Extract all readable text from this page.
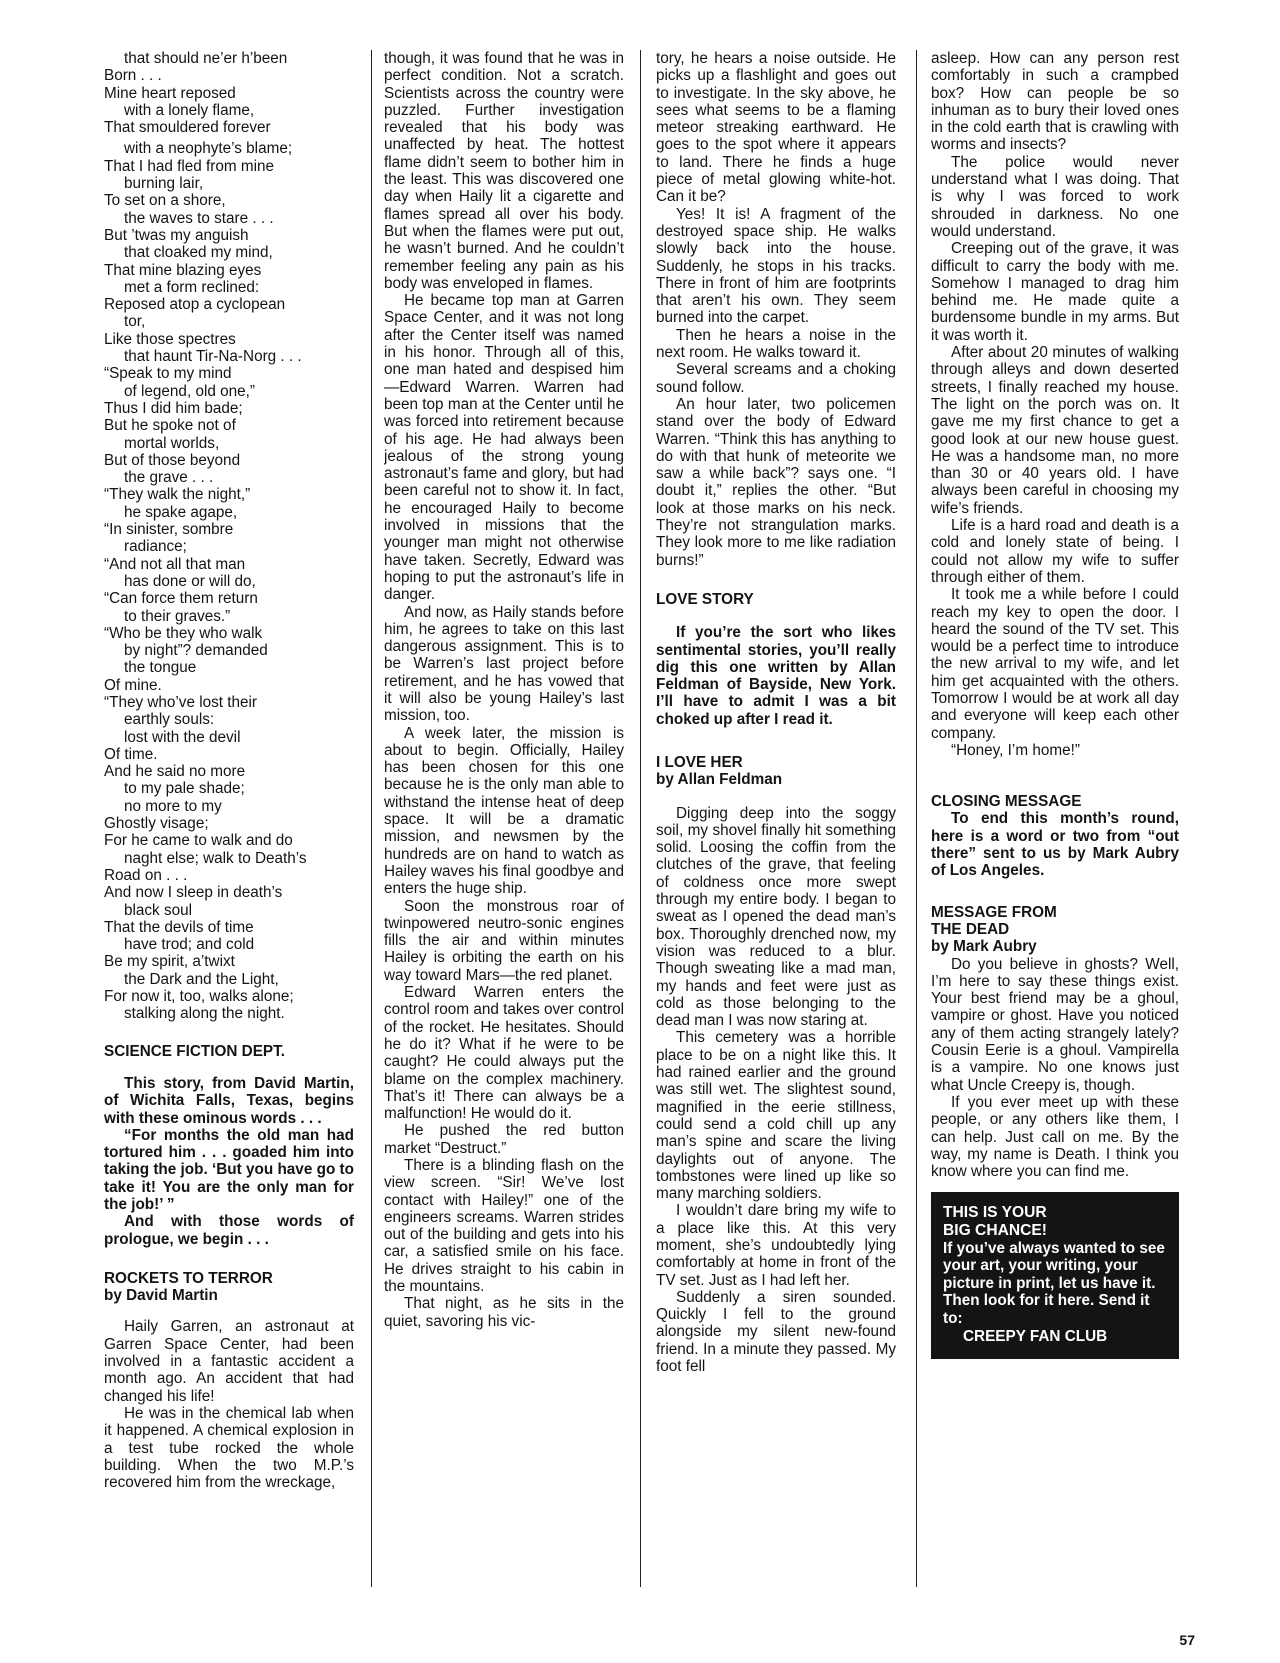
that should ne’er h’been

Born . . .

Mine heart reposed

with a lonely flame,

That smouldered forever

with a neophyte’s blame;

That I had fled from mine

burning lair,

To set on a shore,

the waves to stare . . .

But ’twas my anguish

that cloaked my mind,

That mine blazing eyes

met a form reclined:

Reposed atop a cyclopean

tor,

Like those spectres

that haunt Tir-Na-Norg . . .

“Speak to my mind

of legend, old one,”

Thus I did him bade;

But he spoke not of

mortal worlds,

But of those beyond

the grave . . .

“They walk the night,”

he spake agape,

“In sinister, sombre

radiance;

“And not all that man

has done or will do,

“Can force them return

to their graves.”

“Who be they who walk

by night”? demanded

the tongue

Of mine.

“They who’ve lost their

earthly souls:

lost with the devil

Of time.

And he said no more

to my pale shade;

no more to my

Ghostly visage;

For he came to walk and do

naght else; walk to Death’s

Road on . . .

And now I sleep in death’s

black soul

That the devils of time

have trod; and cold

Be my spirit, a’twixt

the Dark and the Light,

For now it, too, walks alone;

stalking along the night.

SCIENCE FICTION DEPT.

This story, from David Martin, of Wichita Falls, Texas, begins with these ominous words . . .

“For months the old man had tortured him . . . goaded him into taking the job. ‘But you have go to take it! You are the only man for the job!’ ”

And with those words of prologue, we begin . . .

ROCKETS TO TERROR
by David Martin

Haily Garren, an astronaut at Garren Space Center, had been involved in a fantastic accident a month ago. An accident that had changed his life!

He was in the chemical lab when it happened. A chemical explosion in a test tube rocked the whole building. When the two M.P.’s recovered him from the wreckage,

though, it was found that he was in perfect condition. Not a scratch. Scientists across the country were puzzled. Further investigation revealed that his body was unaffected by heat. The hottest flame didn’t seem to bother him in the least. This was discovered one day when Haily lit a cigarette and flames spread all over his body. But when the flames were put out, he wasn’t burned. And he couldn’t remember feeling any pain as his body was enveloped in flames.

He became top man at Garren Space Center, and it was not long after the Center itself was named in his honor. Through all of this, one man hated and despised him —Edward Warren. Warren had been top man at the Center until he was forced into retirement because of his age. He had always been jealous of the strong young astronaut’s fame and glory, but had been careful not to show it. In fact, he encouraged Haily to become involved in missions that the younger man might not otherwise have taken. Secretly, Edward was hoping to put the astronaut’s life in danger.

And now, as Haily stands before him, he agrees to take on this last dangerous assignment. This is to be Warren’s last project before retirement, and he has vowed that it will also be young Hailey’s last mission, too.

A week later, the mission is about to begin. Officially, Hailey has been chosen for this one because he is the only man able to withstand the intense heat of deep space. It will be a dramatic mission, and newsmen by the hundreds are on hand to watch as Hailey waves his final goodbye and enters the huge ship.

Soon the monstrous roar of twinpowered neutro-sonic engines fills the air and within minutes Hailey is orbiting the earth on his way toward Mars—the red planet.

Edward Warren enters the control room and takes over control of the rocket. He hesitates. Should he do it? What if he were to be caught? He could always put the blame on the complex machinery. That’s it! There can always be a malfunction! He would do it.

He pushed the red button market “Destruct.”

There is a blinding flash on the view screen. “Sir! We’ve lost contact with Hailey!” one of the engineers screams. Warren strides out of the building and gets into his car, a satisfied smile on his face. He drives straight to his cabin in the mountains.

That night, as he sits in the quiet, savoring his vic-

tory, he hears a noise outside. He picks up a flashlight and goes out to investigate. In the sky above, he sees what seems to be a flaming meteor streaking earthward. He goes to the spot where it appears to land. There he finds a huge piece of metal glowing white-hot. Can it be?

Yes! It is! A fragment of the destroyed space ship. He walks slowly back into the house. Suddenly, he stops in his tracks. There in front of him are footprints that aren’t his own. They seem burned into the carpet.

Then he hears a noise in the next room. He walks toward it.

Several screams and a choking sound follow.

An hour later, two policemen stand over the body of Edward Warren. “Think this has anything to do with that hunk of meteorite we saw a while back”? says one. “I doubt it,” replies the other. “But look at those marks on his neck. They’re not strangulation marks. They look more to me like radiation burns!”

LOVE STORY

If you’re the sort who likes sentimental stories, you’ll really dig this one written by Allan Feldman of Bayside, New York. I’ll have to admit I was a bit choked up after I read it.

I LOVE HER
by Allan Feldman

Digging deep into the soggy soil, my shovel finally hit something solid. Loosing the coffin from the clutches of the grave, that feeling of coldness once more swept through my entire body. I began to sweat as I opened the dead man’s box. Thoroughly drenched now, my vision was reduced to a blur. Though sweating like a mad man, my hands and feet were just as cold as those belonging to the dead man I was now staring at.

This cemetery was a horrible place to be on a night like this. It had rained earlier and the ground was still wet. The slightest sound, magnified in the eerie stillness, could send a cold chill up any man’s spine and scare the living daylights out of anyone. The tombstones were lined up like so many marching soldiers.

I wouldn’t dare bring my wife to a place like this. At this very moment, she’s undoubtedly lying comfortably at home in front of the TV set. Just as I had left her.

Suddenly a siren sounded. Quickly I fell to the ground alongside my silent new-found friend. In a minute they passed. My foot fell

asleep. How can any person rest comfortably in such a crampbed box? How can people be so inhuman as to bury their loved ones in the cold earth that is crawling with worms and insects?

The police would never understand what I was doing. That is why I was forced to work shrouded in darkness. No one would understand.

Creeping out of the grave, it was difficult to carry the body with me. Somehow I managed to drag him behind me. He made quite a burdensome bundle in my arms. But it was worth it.

After about 20 minutes of walking through alleys and down deserted streets, I finally reached my house. The light on the porch was on. It gave me my first chance to get a good look at our new house guest. He was a handsome man, no more than 30 or 40 years old. I have always been careful in choosing my wife’s friends.

Life is a hard road and death is a cold and lonely state of being. I could not allow my wife to suffer through either of them.

It took me a while before I could reach my key to open the door. I heard the sound of the TV set. This would be a perfect time to introduce the new arrival to my wife, and let him get acquainted with the others. Tomorrow I would be at work all day and everyone will keep each other company.

“Honey, I’m home!”

CLOSING MESSAGE

To end this month’s round, here is a word or two from “out there” sent to us by Mark Aubry of Los Angeles.

MESSAGE FROM
THE DEAD
by Mark Aubry

Do you believe in ghosts? Well, I’m here to say these things exist. Your best friend may be a ghoul, vampire or ghost. Have you noticed any of them acting strangely lately? Cousin Eerie is a ghoul. Vampirella is a vampire. No one knows just what Uncle Creepy is, though.

If you ever meet up with these people, or any others like them, I can help. Just call on me. By the way, my name is Death. I think you know where you can find me.

THIS IS YOUR

BIG CHANCE!

If you’ve always wanted to see your art, your writing, your picture in print, let us have it. Then look for it here. Send it to:

CREEPY FAN CLUB

57
